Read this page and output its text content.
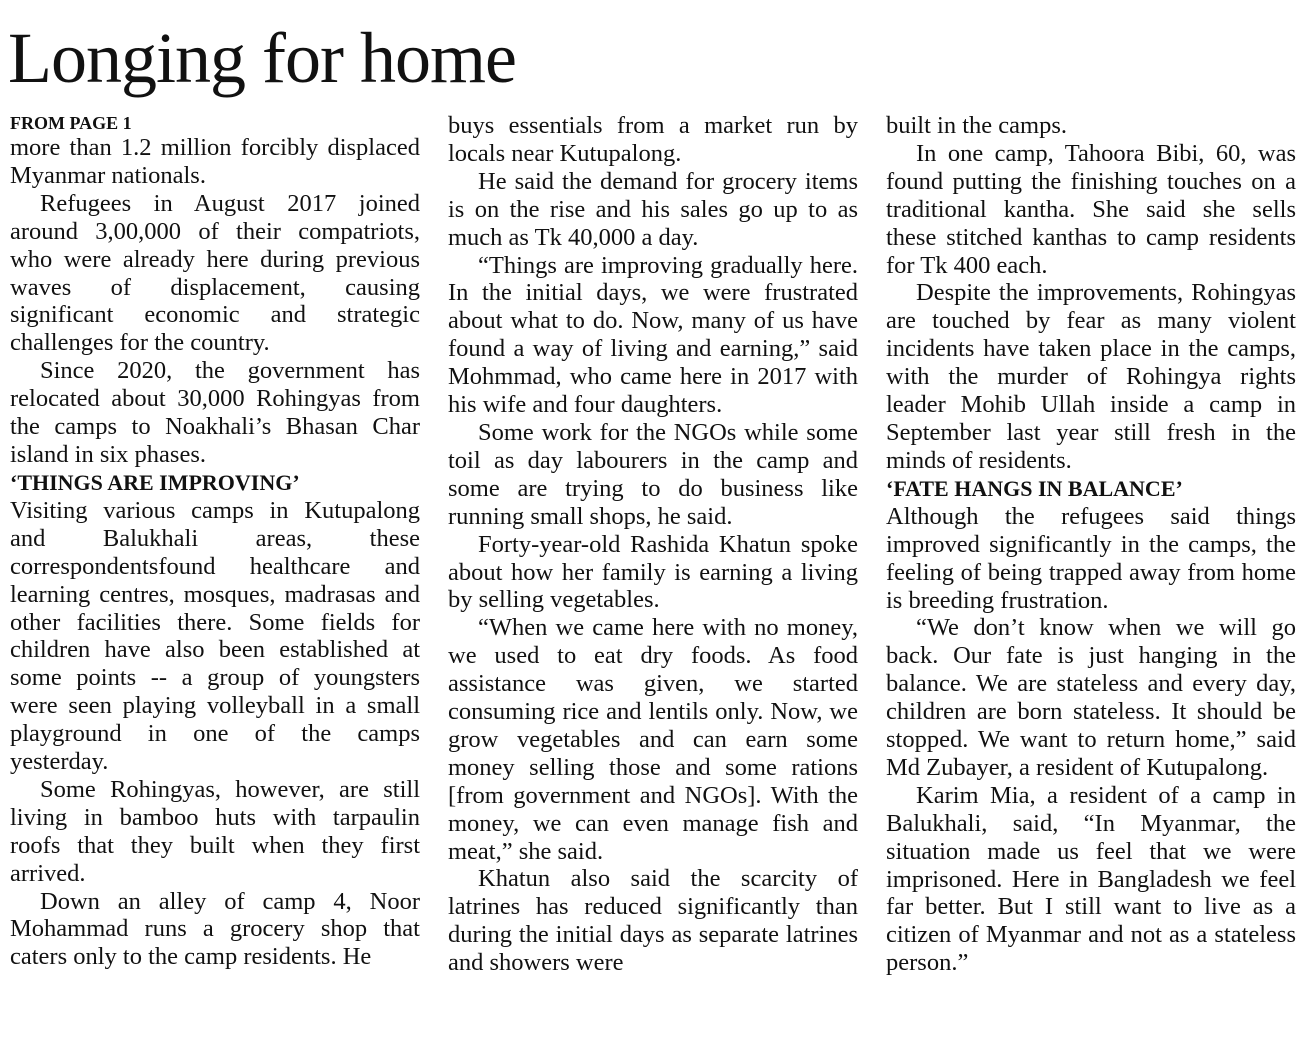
Longing for home
FROM PAGE 1

more than 1.2 million forcibly displaced Myanmar nationals.

Refugees in August 2017 joined around 3,00,000 of their compatriots, who were already here during previous waves of displacement, causing significant economic and strategic challenges for the country.

Since 2020, the government has relocated about 30,000 Rohingyas from the camps to Noakhali’s Bhasan Char island in six phases.

‘THINGS ARE IMPROVING’

Visiting various camps in Kutupalong and Balukhali areas, these correspondentsfound healthcare and learning centres, mosques, madrasas and other facilities there. Some fields for children have also been established at some points -- a group of youngsters were seen playing volleyball in a small playground in one of the camps yesterday.

Some Rohingyas, however, are still living in bamboo huts with tarpaulin roofs that they built when they first arrived.

Down an alley of camp 4, Noor Mohammad runs a grocery shop that caters only to the camp residents. He

buys essentials from a market run by locals near Kutupalong.

He said the demand for grocery items is on the rise and his sales go up to as much as Tk 40,000 a day.

“Things are improving gradually here. In the initial days, we were frustrated about what to do. Now, many of us have found a way of living and earning,” said Mohmmad, who came here in 2017 with his wife and four daughters.

Some work for the NGOs while some toil as day labourers in the camp and some are trying to do business like running small shops, he said.

Forty-year-old Rashida Khatun spoke about how her family is earning a living by selling vegetables.

“When we came here with no money, we used to eat dry foods. As food assistance was given, we started consuming rice and lentils only. Now, we grow vegetables and can earn some money selling those and some rations [from government and NGOs]. With the money, we can even manage fish and meat,” she said.

Khatun also said the scarcity of latrines has reduced significantly than during the initial days as separate latrines and showers were

built in the camps.

In one camp, Tahoora Bibi, 60, was found putting the finishing touches on a traditional kantha. She said she sells these stitched kanthas to camp residents for Tk 400 each.

Despite the improvements, Rohingyas are touched by fear as many violent incidents have taken place in the camps, with the murder of Rohingya rights leader Mohib Ullah inside a camp in September last year still fresh in the minds of residents.

‘FATE HANGS IN BALANCE’

Although the refugees said things improved significantly in the camps, the feeling of being trapped away from home is breeding frustration.

“We don’t know when we will go back. Our fate is just hanging in the balance. We are stateless and every day, children are born stateless. It should be stopped. We want to return home,” said Md Zubayer, a resident of Kutupalong.

Karim Mia, a resident of a camp in Balukhali, said, “In Myanmar, the situation made us feel that we were imprisoned. Here in Bangladesh we feel far better. But I still want to live as a citizen of Myanmar and not as a stateless person.”
